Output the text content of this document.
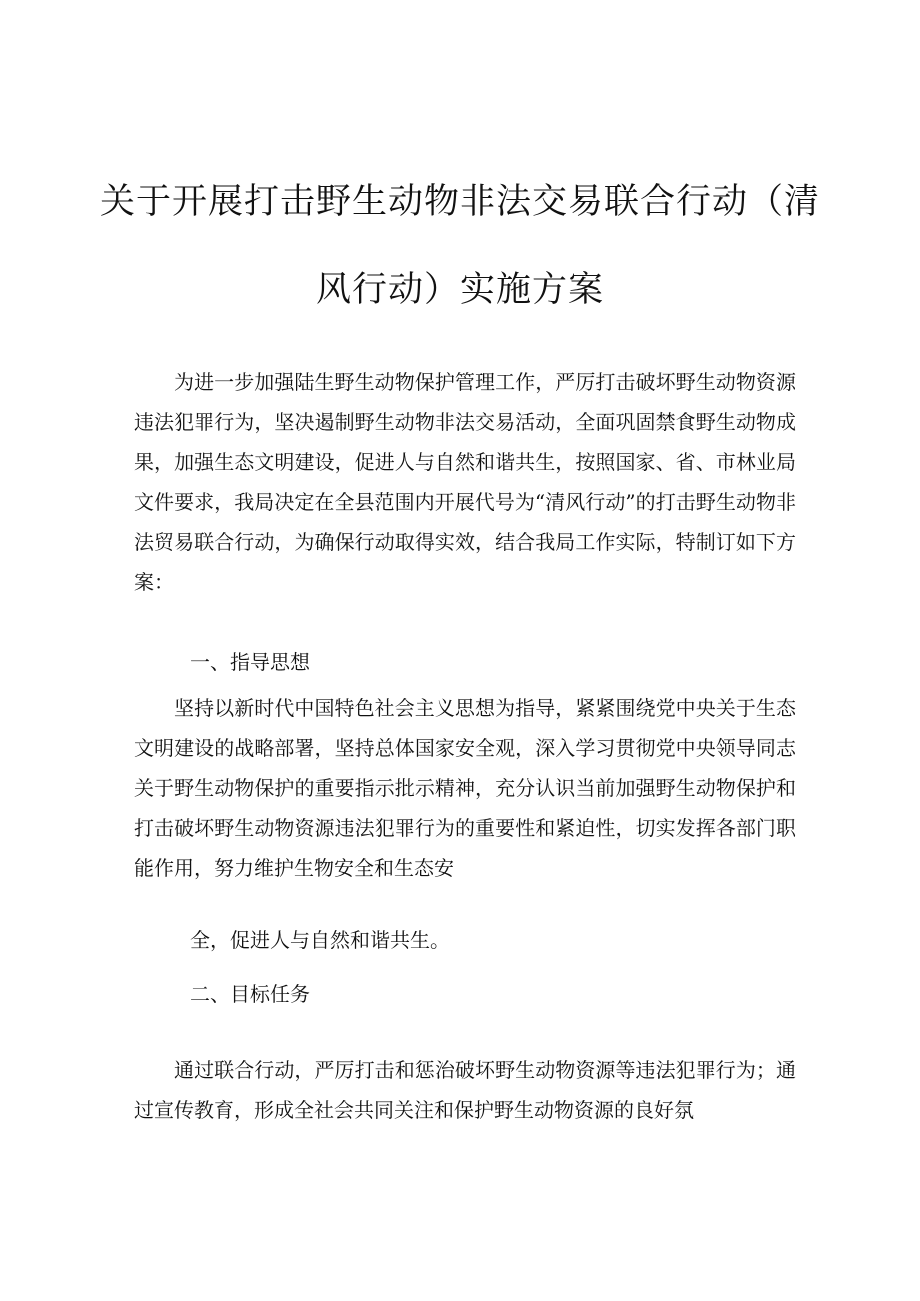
关于开展打击野生动物非法交易联合行动（清
风行动）实施方案

为进一步加强陆生野生动物保护管理工作，严厉打击破坏野生动物资源违法犯罪行为，坚决遏制野生动物非法交易活动，全面巩固禁食野生动物成果，加强生态文明建设，促进人与自然和谐共生，按照国家、省、市林业局文件要求，我局决定在全县范围内开展代号为“清风行动”的打击野生动物非法贸易联合行动，为确保行动取得实效，结合我局工作实际，特制订如下方案：

一、指导思想

坚持以新时代中国特色社会主义思想为指导，紧紧围绕党中央关于生态文明建设的战略部署，坚持总体国家安全观，深入学习贯彻党中央领导同志关于野生动物保护的重要指示批示精神，充分认识当前加强野生动物保护和打击破坏野生动物资源违法犯罪行为的重要性和紧迫性，切实发挥各部门职能作用，努力维护生物安全和生态安

全，促进人与自然和谐共生。
二、目标任务

通过联合行动，严厉打击和惩治破坏野生动物资源等违法犯罪行为；通过宣传教育，形成全社会共同关注和保护野生动物资源的良好氛
